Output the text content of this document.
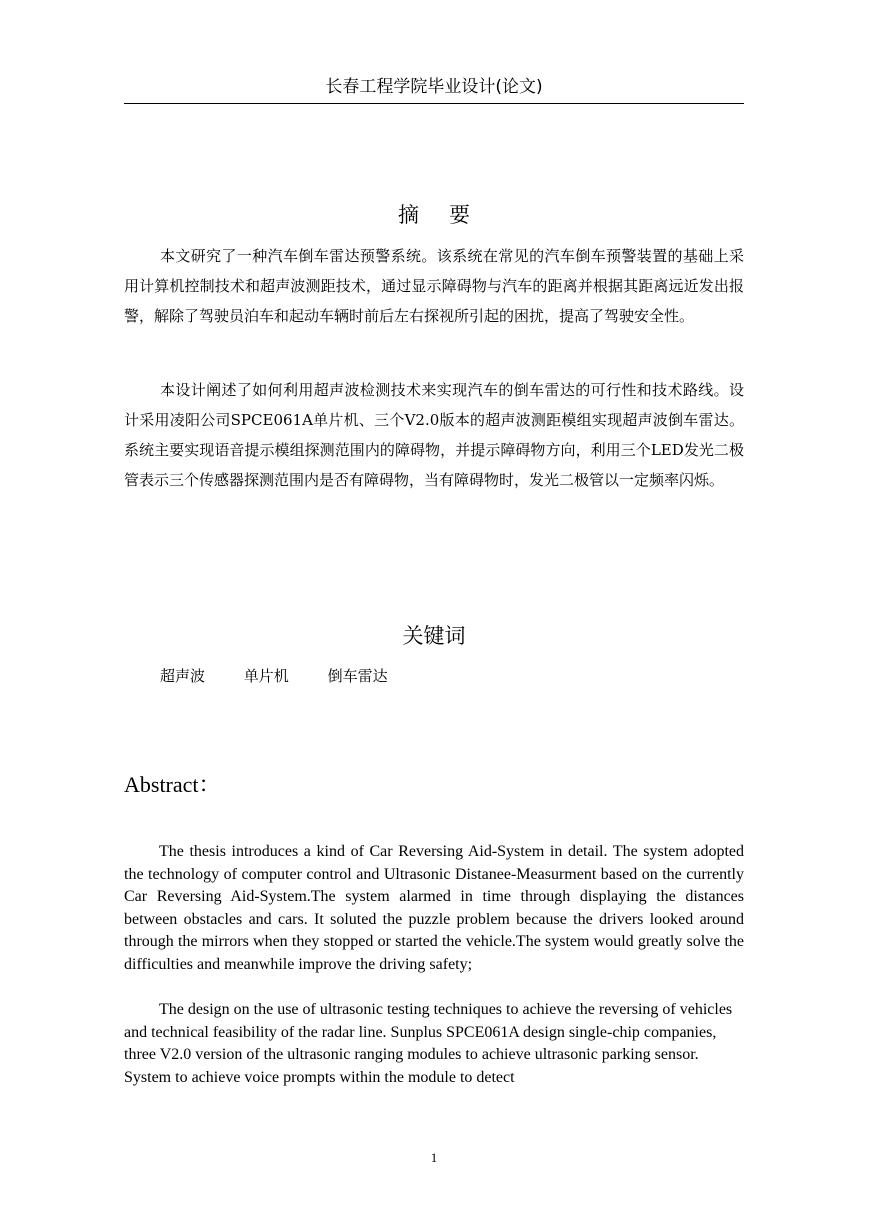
长春工程学院毕业设计(论文)
摘要

本文研究了一种汽车倒车雷达预警系统。该系统在常见的汽车倒车预警装置的基础上采用计算机控制技术和超声波测距技术，通过显示障碍物与汽车的距离并根据其距离远近发出报警，解除了驾驶员泊车和起动车辆时前后左右探视所引起的困扰，提高了驾驶安全性。

本设计阐述了如何利用超声波检测技术来实现汽车的倒车雷达的可行性和技术路线。设计采用凌阳公司SPCE061A单片机、三个V2.0版本的超声波测距模组实现超声波倒车雷达。系统主要实现语音提示模组探测范围内的障碍物，并提示障碍物方向，利用三个LED发光二极管表示三个传感器探测范围内是否有障碍物，当有障碍物时，发光二极管以一定频率闪烁。

关键词
超声波	单片机	倒车雷达
Abstract：

The thesis introduces a kind of Car Reversing Aid-System in detail. The system adopted the technology of computer control and Ultrasonic Distanee-Measurment based on the currently Car Reversing Aid-System.The system alarmed in time through displaying the distances between obstacles and cars. It soluted the puzzle problem because the drivers looked around through the mirrors when they stopped or started the vehicle.The system would greatly solve the difficulties and meanwhile improve the driving safety;

The design on the use of ultrasonic testing techniques to achieve the reversing of vehicles and technical feasibility of the radar line. Sunplus SPCE061A design single-chip companies, three V2.0 version of the ultrasonic ranging modules to achieve ultrasonic parking sensor. System to achieve voice prompts within the module to detect

1
